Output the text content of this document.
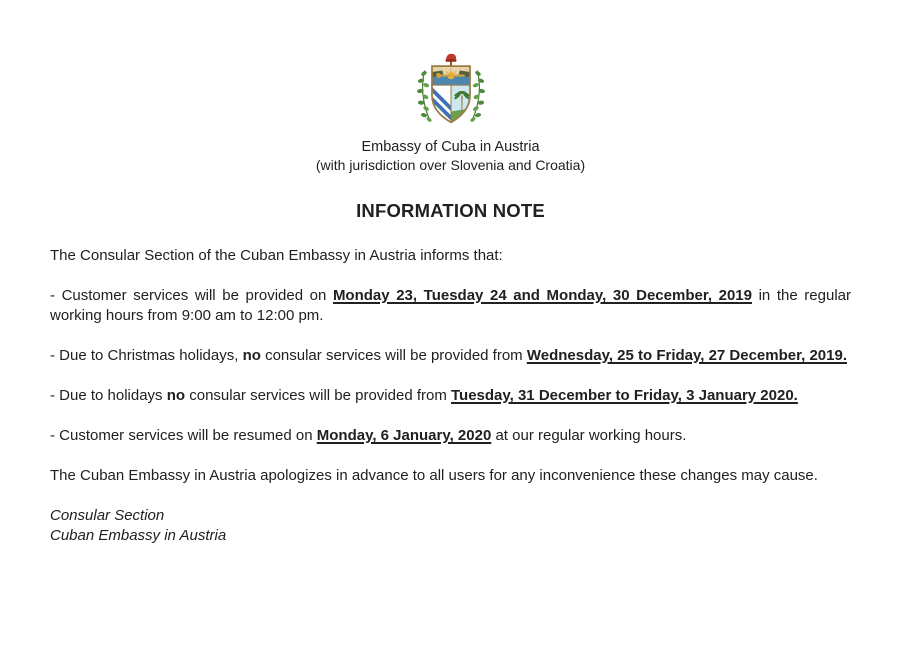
Embassy of Cuba in Austria
(with jurisdiction over Slovenia and Croatia)
INFORMATION NOTE

The Consular Section of the Cuban Embassy in Austria informs that:

- Customer services will be provided on Monday 23, Tuesday 24 and Monday, 30 December, 2019 in the regular working hours from 9:00 am to 12:00 pm.

- Due to Christmas holidays, no consular services will be provided from Wednesday, 25 to Friday, 27 December, 2019.

- Due to holidays no consular services will be provided from Tuesday, 31 December to Friday, 3 January 2020.

- Customer services will be resumed on Monday, 6 January, 2020 at our regular working hours.

The Cuban Embassy in Austria apologizes in advance to all users for any inconvenience these changes may cause.

Consular Section
Cuban Embassy in Austria
